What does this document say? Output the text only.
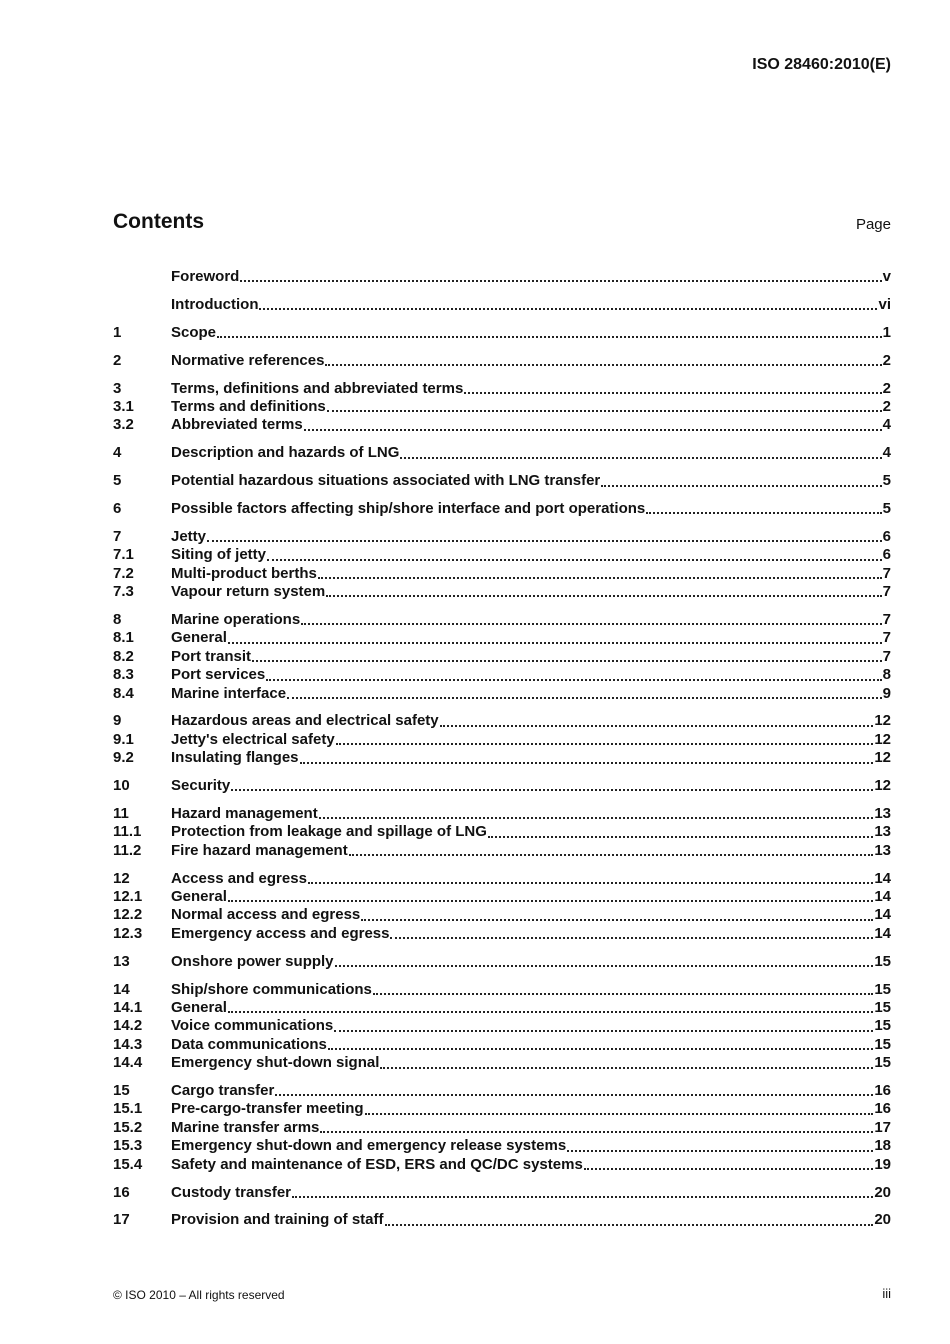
ISO 28460:2010(E)
Contents	Page
Foreword	v
Introduction	vi
1	Scope	1
2	Normative references	2
3	Terms, definitions and abbreviated terms	2
3.1	Terms and definitions	2
3.2	Abbreviated terms	4
4	Description and hazards of LNG	4
5	Potential hazardous situations associated with LNG transfer	5
6	Possible factors affecting ship/shore interface and port operations	5
7	Jetty	6
7.1	Siting of jetty	6
7.2	Multi-product berths	7
7.3	Vapour return system	7
8	Marine operations	7
8.1	General	7
8.2	Port transit	7
8.3	Port services	8
8.4	Marine interface	9
9	Hazardous areas and electrical safety	12
9.1	Jetty's electrical safety	12
9.2	Insulating flanges	12
10	Security	12
11	Hazard management	13
11.1	Protection from leakage and spillage of LNG	13
11.2	Fire hazard management	13
12	Access and egress	14
12.1	General	14
12.2	Normal access and egress	14
12.3	Emergency access and egress	14
13	Onshore power supply	15
14	Ship/shore communications	15
14.1	General	15
14.2	Voice communications	15
14.3	Data communications	15
14.4	Emergency shut-down signal	15
15	Cargo transfer	16
15.1	Pre-cargo-transfer meeting	16
15.2	Marine transfer arms	17
15.3	Emergency shut-down and emergency release systems	18
15.4	Safety and maintenance of ESD, ERS and QC/DC systems	19
16	Custody transfer	20
17	Provision and training of staff	20
© ISO 2010 – All rights reserved	iii
